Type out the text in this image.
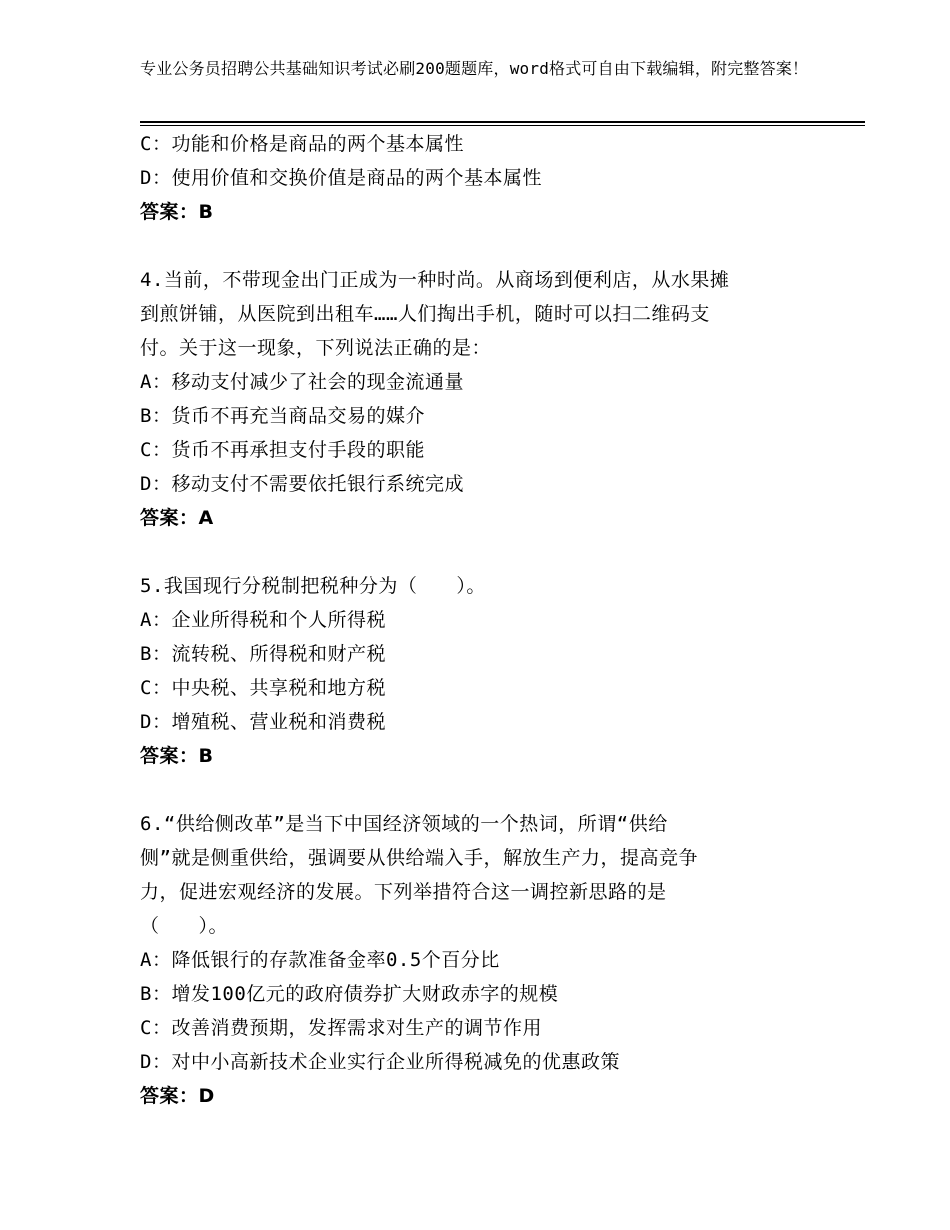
专业公务员招聘公共基础知识考试必刷200题题库，word格式可自由下载编辑，附完整答案！
C：功能和价格是商品的两个基本属性
D：使用价值和交换价值是商品的两个基本属性
答案：B
4.当前，不带现金出门正成为一种时尚。从商场到便利店，从水果摊
到煎饼铺，从医院到出租车……人们掏出手机，随时可以扫二维码支
付。关于这一现象，下列说法正确的是：
A：移动支付减少了社会的现金流通量
B：货币不再充当商品交易的媒介
C：货币不再承担支付手段的职能
D：移动支付不需要依托银行系统完成
答案：A
5.我国现行分税制把税种分为（　　）。
A：企业所得税和个人所得税
B：流转税、所得税和财产税
C：中央税、共享税和地方税
D：增殖税、营业税和消费税
答案：B
6.“供给侧改革”是当下中国经济领域的一个热词，所谓“供给
侧”就是侧重供给，强调要从供给端入手，解放生产力，提高竞争
力，促进宏观经济的发展。下列举措符合这一调控新思路的是
（　　）。
A：降低银行的存款准备金率0.5个百分比
B：增发100亿元的政府债券扩大财政赤字的规模
C：改善消费预期，发挥需求对生产的调节作用
D：对中小高新技术企业实行企业所得税减免的优惠政策
答案：D
